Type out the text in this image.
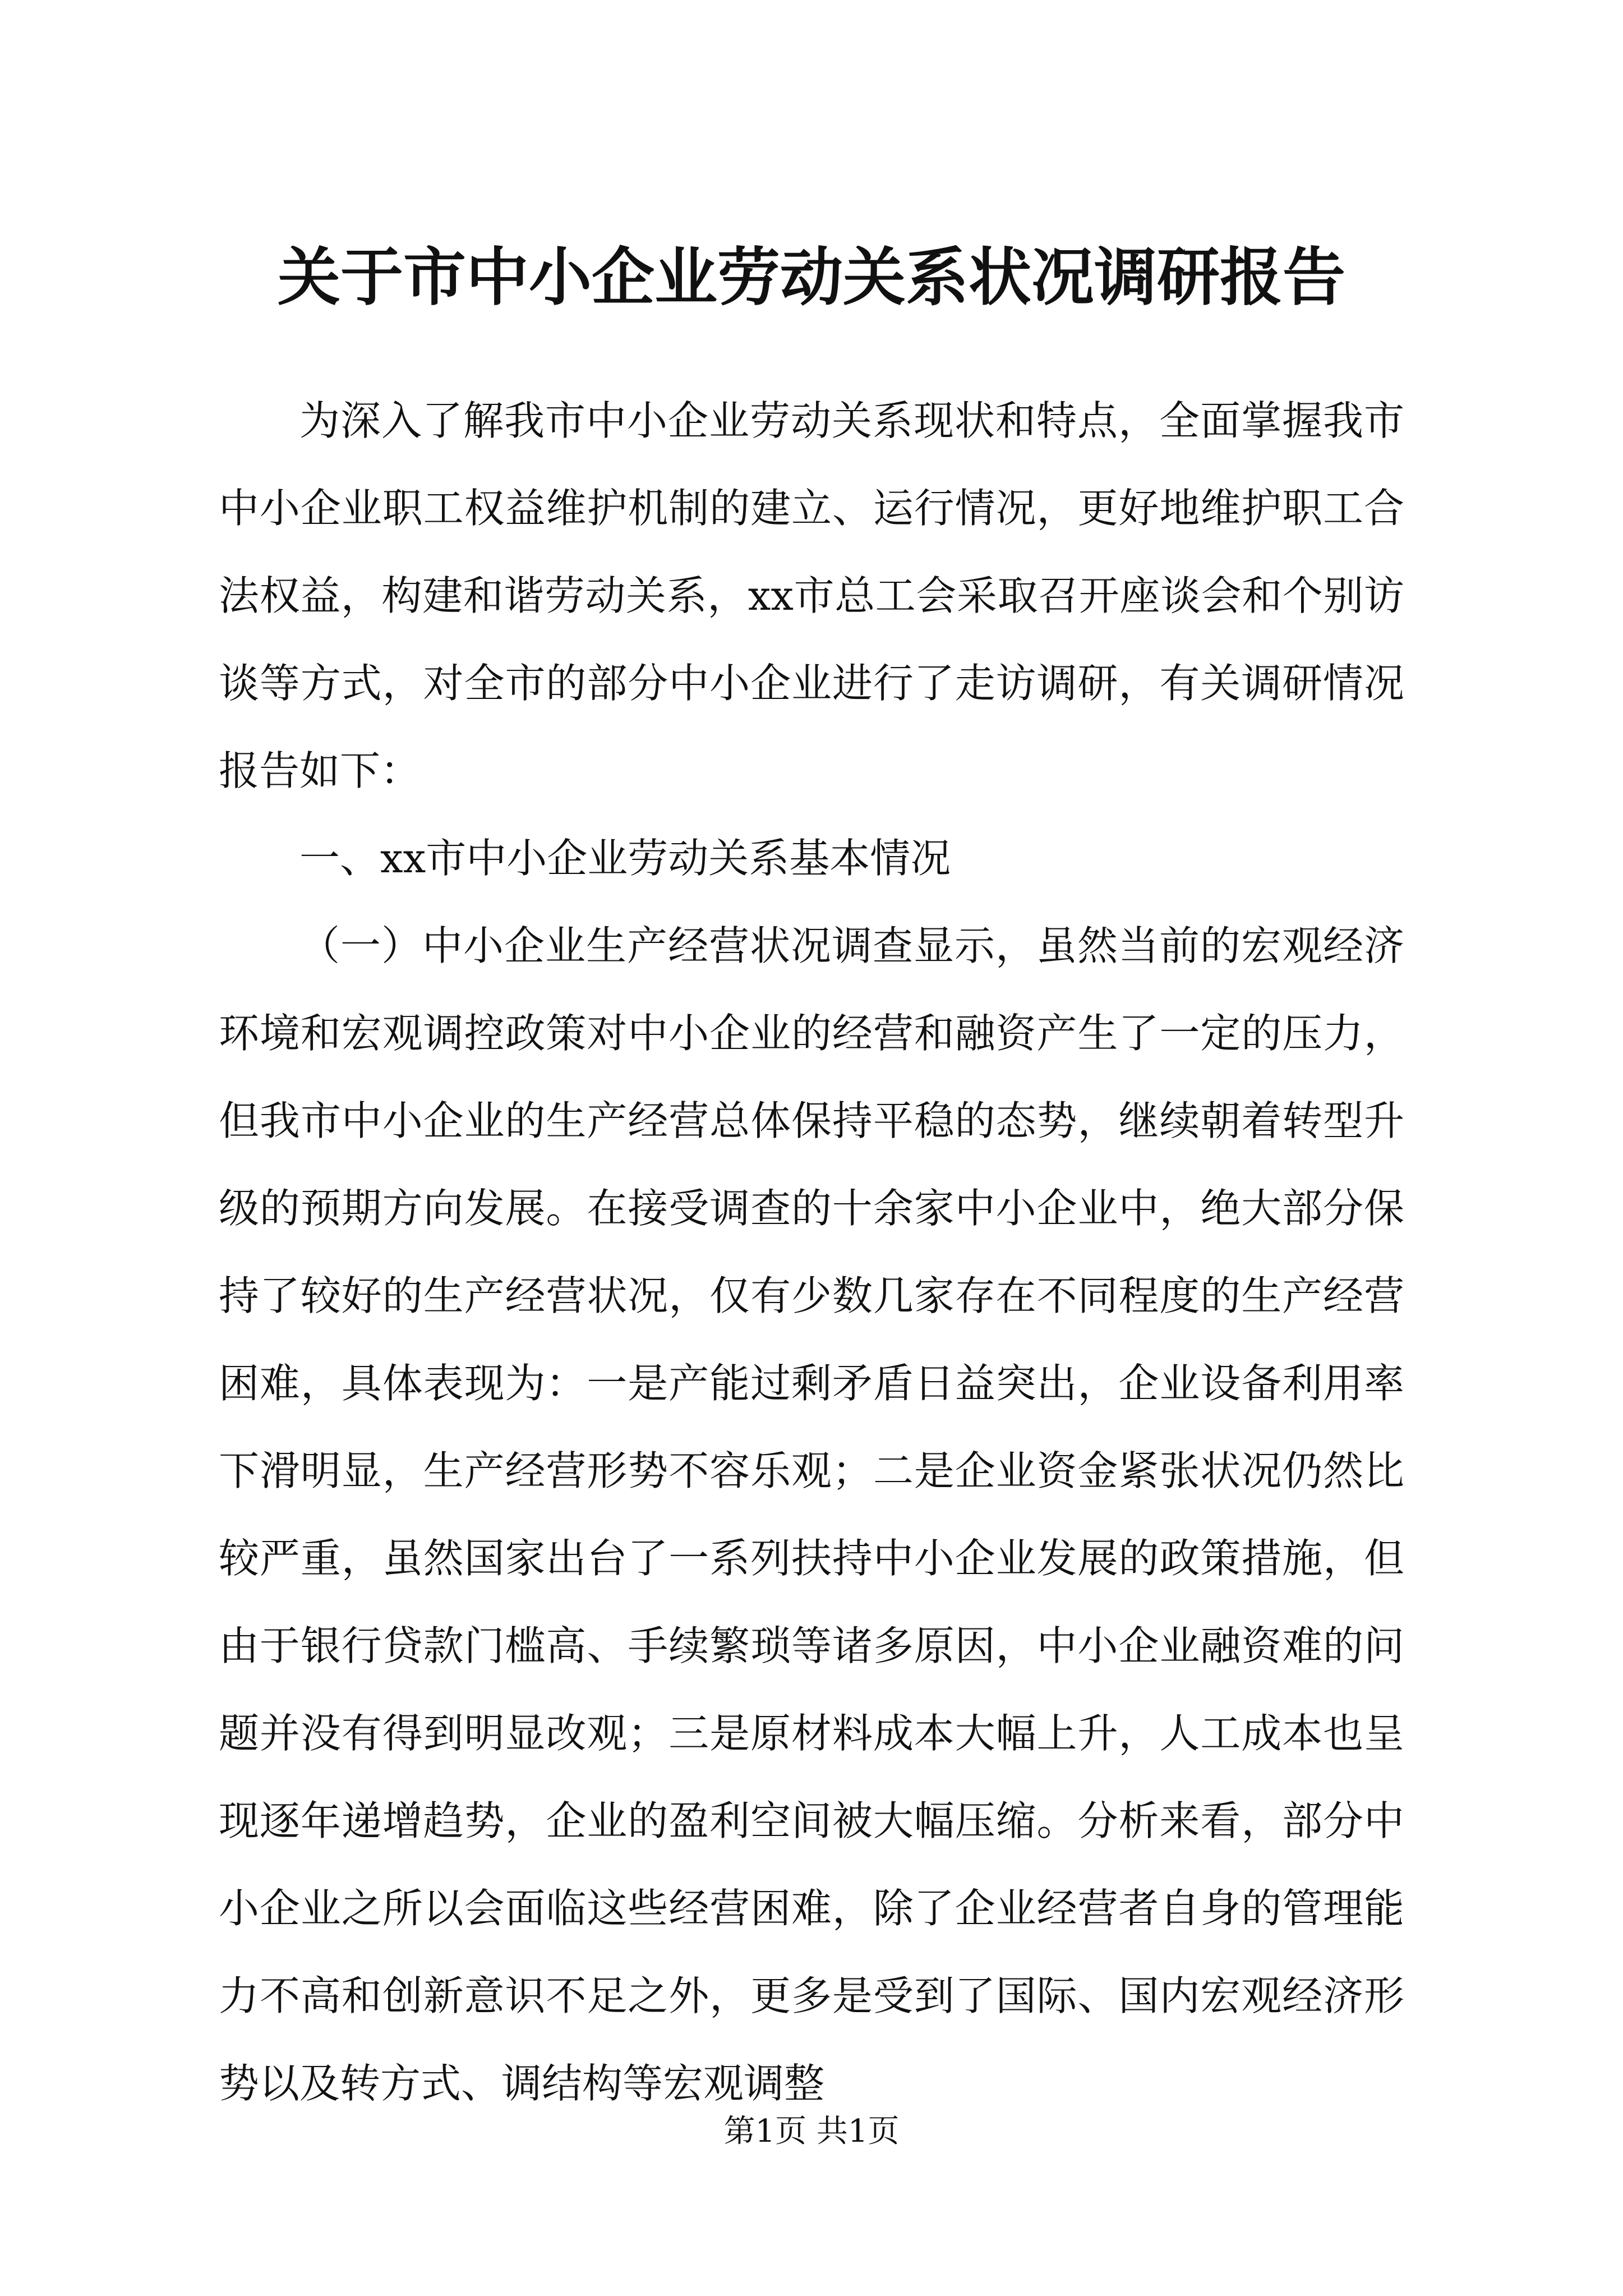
关于市中小企业劳动关系状况调研报告

为深入了解我市中小企业劳动关系现状和特点，全面掌握我市中小企业职工权益维护机制的建立、运行情况，更好地维护职工合法权益，构建和谐劳动关系，xx市总工会采取召开座谈会和个别访谈等方式，对全市的部分中小企业进行了走访调研，有关调研情况报告如下：

一、xx市中小企业劳动关系基本情况

（一）中小企业生产经营状况调查显示，虽然当前的宏观经济环境和宏观调控政策对中小企业的经营和融资产生了一定的压力，但我市中小企业的生产经营总体保持平稳的态势，继续朝着转型升级的预期方向发展。在接受调查的十余家中小企业中，绝大部分保持了较好的生产经营状况，仅有少数几家存在不同程度的生产经营困难，具体表现为：一是产能过剩矛盾日益突出，企业设备利用率下滑明显，生产经营形势不容乐观；二是企业资金紧张状况仍然比较严重，虽然国家出台了一系列扶持中小企业发展的政策措施，但由于银行贷款门槛高、手续繁琐等诸多原因，中小企业融资难的问题并没有得到明显改观；三是原材料成本大幅上升，人工成本也呈现逐年递增趋势，企业的盈利空间被大幅压缩。分析来看，部分中小企业之所以会面临这些经营困难，除了企业经营者自身的管理能力不高和创新意识不足之外，更多是受到了国际、国内宏观经济形势以及转方式、调结构等宏观调整

第1页 共1页
